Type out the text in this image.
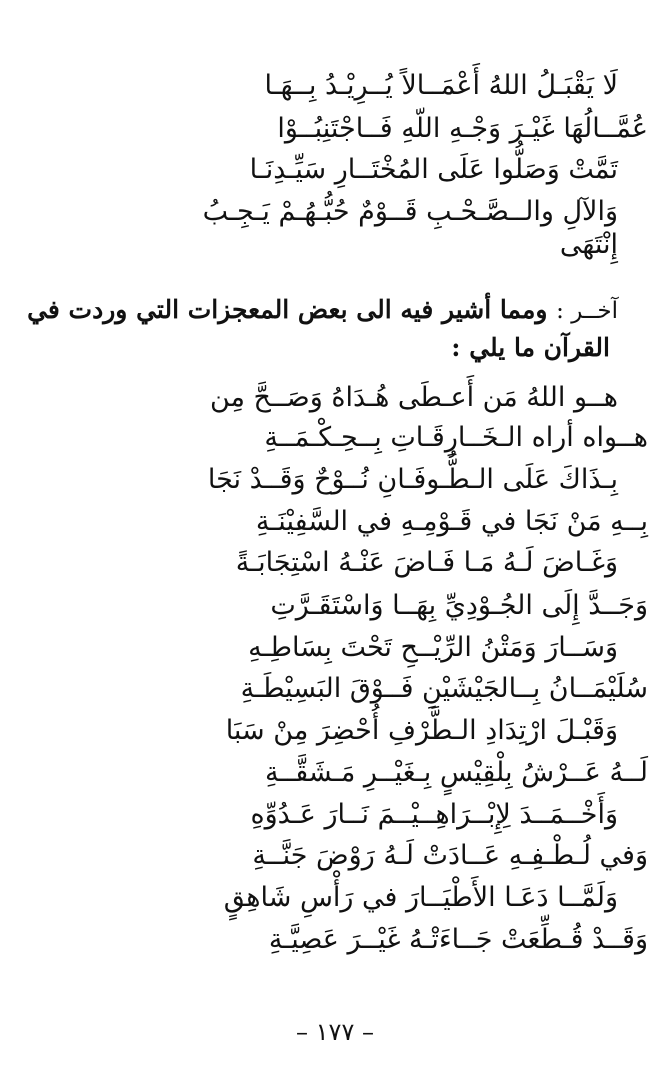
لَا يَقْبَـلُ اللهُ أَعْمَــالاً يُــرِيْـدُ بِــهَـا
عُمَّــالُهَا غَيْـرَ وَجْـهِ اللّهِ فَــاجْتَنِبُــوْا
تَمَّتْ وَصَلُّوا عَلَى المُخْتَــارِ سَيِّـدِنَـا
وَالآلِ والــصَّـحْـبِ قَــوْمٌ حُبُّـهُـمْ يَـجِـبُ
إِنْتَهَى
آخــر : ومما أشير فيه الى بعض المعجزات التي وردت في
القرآن ما يلي :
هــو اللهُ مَن أَعـطَى هُـدَاهُ وَصَــحَّ مِن
هــواه أراه الـخَــارِقَـاتِ بِــحِـكْـمَــةِ
بِـذَاكَ عَلَى الـطُّـوفَـانِ نُــوْحٌ وَقَــدْ نَجَا
بِــهِ مَنْ نَجَا في قَـوْمِـهِ في السَّفِيْنَـةِ
وَغَـاضَ لَـهُ مَـا فَـاضَ عَنْـهُ اسْتِجَابَـةً
وَجَــدَّ إِلَى الجُـوْدِيِّ بِهَــا وَاسْتَقَـرَّتِ
وَسَــارَ وَمَتْنُ الرِّيْــحِ تَحْتَ بِسَاطِـهِ
سُلَيْمَــانُ بِــالجَيْشَيْنِ فَــوْقَ البَسِيْطَـةِ
وَقَبْـلَ ارْتِدَادِ الـطَّرْفِ أُحْضِرَ مِنْ سَبَا
لَــهُ عَــرْشُ بِلْقِيْسٍ بِـغَيْــرِ مَـشَقَّــةِ
وَأَخْــمَــدَ لِإِبْــرَاهِــيْــمَ نَــارَ عَـدُوِّهِ
وَفي لُـطْـفِـهِ عَــادَتْ لَـهُ رَوْضَ جَنَّــةِ
وَلَمَّــا دَعَـا الأَطْيَــارَ في رَأْسِ شَاهِقٍ
وَقَــدْ قُـطِّعَتْ جَــاءَتْـهُ غَيْــرَ عَصِيَّـةِ
– ١٧٧ –
